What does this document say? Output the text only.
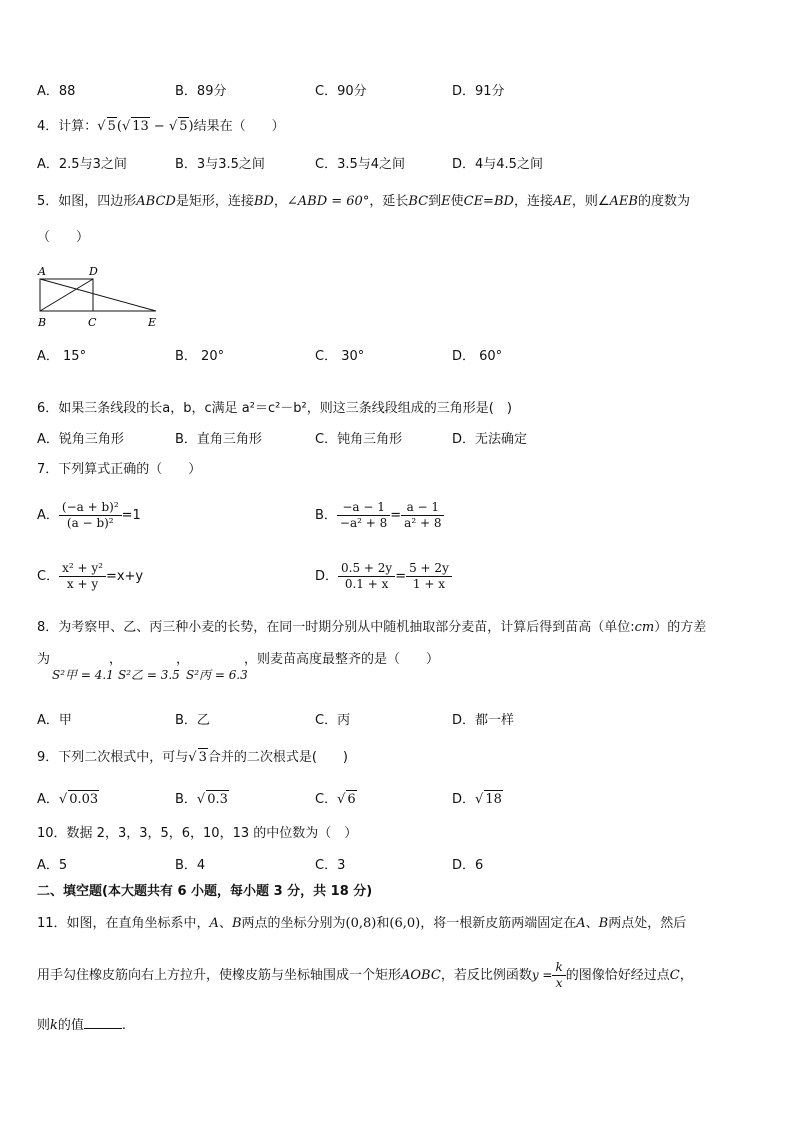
A．88	B．89分	C．90分	D．91分
4．计算：√ 5(√ 13 − √ 5)结果在（　　）
A．2.5与3之间	B．3与3.5之间	C．3.5与4之间	D．4与4.5之间
5．如图，四边形ABCD是矩形，连接BD，∠ABD = 60°，延长BC到E使CE=BD，连接AE，则∠AEB的度数为
（　　）
A	D
B	C	E
A． 15°	B． 20°	C． 30°	D． 60°
6．如果三条线段的长a，b，c满足 a²＝c²－b²，则这三条线段组成的三角形是(　)
A．锐角三角形	B．直角三角形	C．钝角三角形	D．无法确定
7．下列算式正确的（　　）
A． $\frac{\text{(−a + b)²}}{\text{(a − b)²}} =1$	B． $\frac{-a - 1}{\text{−a² + 8}} = \frac{a - 1}{\text{a² + 8}}$
C． $\frac{\text{x² + y²}}{x + y} =x+y$	D． $\frac{0.5 + 2y}{0.1 + x} = \frac{5 + 2y}{1 + x}$
8．为考察甲、乙、丙三种小麦的长势，在同一时期分别从中随机抽取部分麦苗，计算后得到苗高（单位:cm）的方差
为
S²甲 = 4.1
，
S²乙 = 3.5
，
S²丙 = 6.3
，则麦苗高度最整齐的是（　　）
A．甲	B．乙	C．丙	D．都一样
9．下列二次根式中，可与√ 3合并的二次根式是(　　)
A．√ 0.03	B．√ 0.3	C．√ 6	D．√ 18
10．数据 2，3，3，5，6，10，13 的中位数为（　）
A．5	B．4	C．3	D．6
二、填空题(本大题共有 6 小题，每小题 3 分，共 18 分)
11．如图，在直角坐标系中，A、B两点的坐标分别为(0,8)和(6,0)，将一根新皮筋两端固定在A、B两点处，然后
用手勾住橡皮筋向右上方拉升，使橡皮筋与坐标轴围成一个矩形AOBC，若反比例函数$y = \frac{k}{x}$ 的图像恰好经过点C，
则k的值	.
